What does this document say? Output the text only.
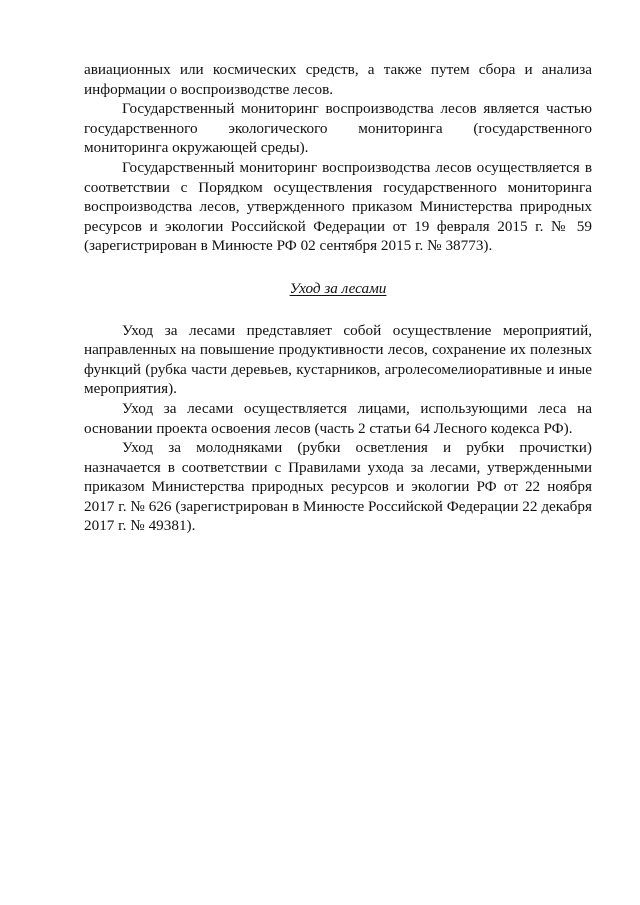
авиационных или космических средств, а также путем сбора и анализа информации о воспроизводстве лесов.

Государственный мониторинг воспроизводства лесов является частью государственного экологического мониторинга (государственного мониторинга окружающей среды).

Государственный мониторинг воспроизводства лесов осуществляется в соответствии с Порядком осуществления государственного мониторинга воспроизводства лесов, утвержденного приказом Министерства природных ресурсов и экологии Российской Федерации от 19 февраля 2015 г. № 59 (зарегистрирован в Минюсте РФ 02 сентября 2015 г. № 38773).

Уход за лесами

Уход за лесами представляет собой осуществление мероприятий, направленных на повышение продуктивности лесов, сохранение их полезных функций (рубка части деревьев, кустарников, агролесомелиоративные и иные мероприятия).

Уход за лесами осуществляется лицами, использующими леса на основании проекта освоения лесов (часть 2 статьи 64 Лесного кодекса РФ).

Уход за молодняками (рубки осветления и рубки прочистки) назначается в соответствии с Правилами ухода за лесами, утвержденными приказом Министерства природных ресурсов и экологии РФ от 22 ноября 2017 г. № 626 (зарегистрирован в Минюсте Российской Федерации 22 декабря 2017 г. № 49381).
